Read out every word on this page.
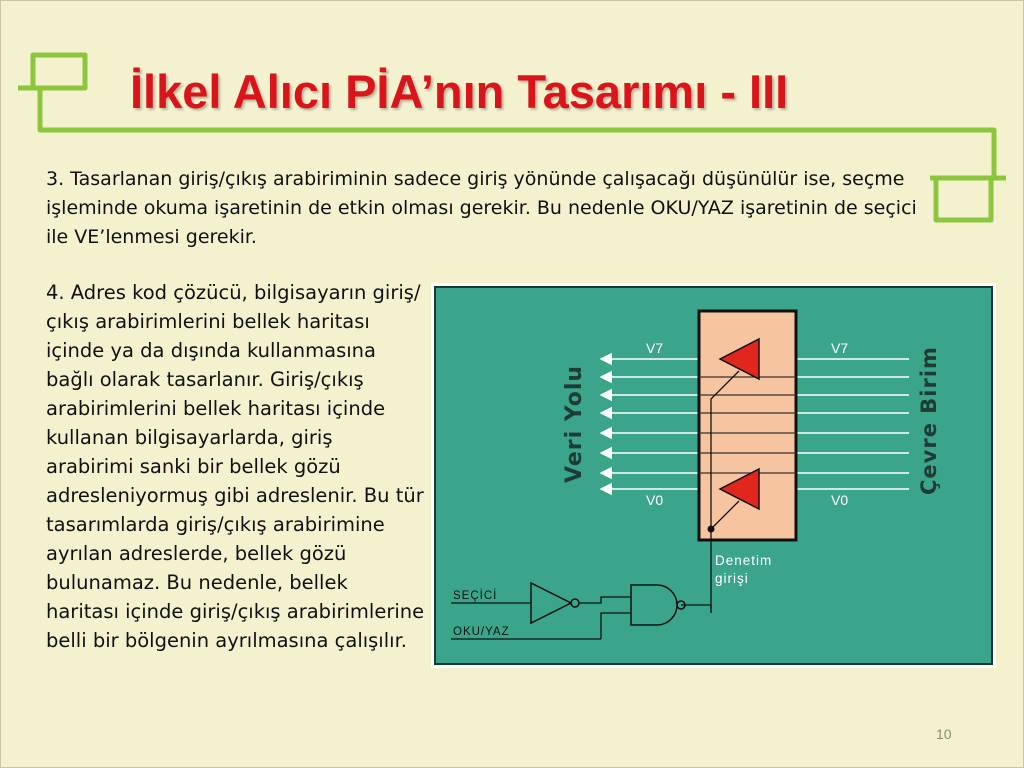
İlkel Alıcı PİA’nın Tasarımı - III

3. Tasarlanan giriş/çıkış arabiriminin sadece giriş yönünde çalışacağı düşünülür ise, seçme işleminde okuma işaretinin de etkin olması gerekir. Bu nedenle OKU/YAZ işaretinin de seçici ile VE’lenmesi gerekir.

4. Adres kod çözücü, bilgisayarın giriş/çıkış arabirimlerini bellek haritası içinde ya da dışında kullanmasına bağlı olarak tasarlanır. Giriş/çıkış arabirimlerini bellek haritası içinde kullanan bilgisayarlarda, giriş arabirimi sanki bir bellek gözü adresleniyormuş gibi adreslenir. Bu tür tasarımlarda giriş/çıkış arabirimine ayrılan adreslerde, bellek gözü bulunamaz. Bu nedenle, bellek haritası içinde giriş/çıkış arabirimlerine belli bir bölgenin ayrılmasına çalışılır.

V7	V7
V0	V0
Veri Yolu	Çevre Birim
Denetim
girişi
SEÇİCİ
OKU/YAZ
10
